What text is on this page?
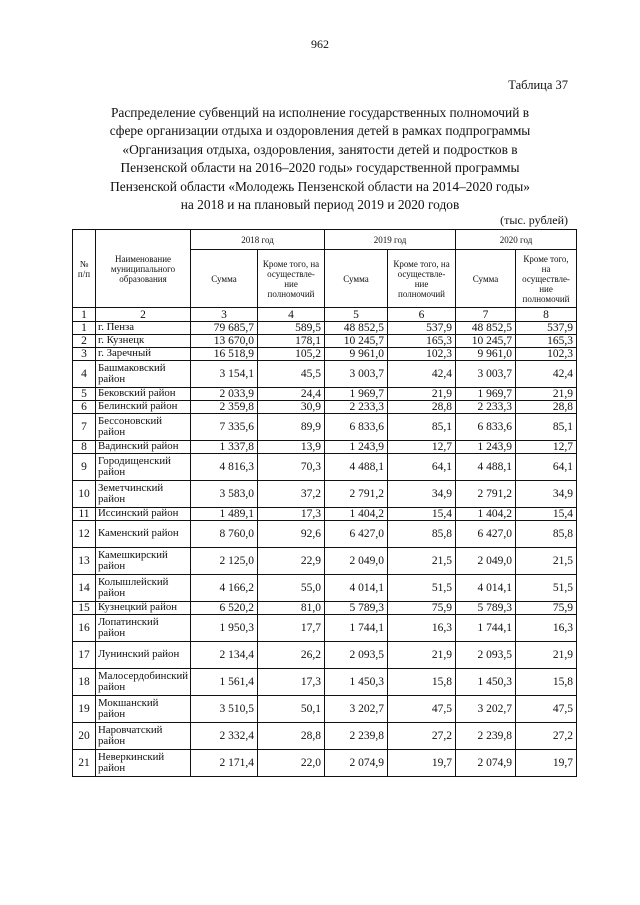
962
Таблица 37
Распределение субвенций на исполнение государственных полномочий в
сфере организации отдыха и оздоровления детей в рамках подпрограммы
«Организация отдыха, оздоровления, занятости детей и подростков в
Пензенской области на 2016–2020 годы» государственной программы
Пензенской области «Молодежь Пензенской области на 2014–2020 годы»
на 2018 и на плановый период 2019 и 2020 годов
(тыс. рублей)
№ п/п	Наименование муниципального образования	2018 год		2019 год		2020 год	
		Сумма	Кроме того, на осуществле-ние полномочий	Сумма	Кроме того, на осуществле-ние полномочий	Сумма	Кроме того, на осуществле-ние полномочий
1	2	3	4	5	6	7	8
1	г. Пенза	79 685,7	589,5	48 852,5	537,9	48 852,5	537,9
2	г. Кузнецк	13 670,0	178,1	10 245,7	165,3	10 245,7	165,3
3	г. Заречный	16 518,9	105,2	9 961,0	102,3	9 961,0	102,3
4	Башмаковский район	3 154,1	45,5	3 003,7	42,4	3 003,7	42,4
5	Бековский район	2 033,9	24,4	1 969,7	21,9	1 969,7	21,9
6	Белинский район	2 359,8	30,9	2 233,3	28,8	2 233,3	28,8
7	Бессоновский район	7 335,6	89,9	6 833,6	85,1	6 833,6	85,1
8	Вадинский район	1 337,8	13,9	1 243,9	12,7	1 243,9	12,7
9	Городищенский район	4 816,3	70,3	4 488,1	64,1	4 488,1	64,1
10	Земетчинский район	3 583,0	37,2	2 791,2	34,9	2 791,2	34,9
11	Иссинский район	1 489,1	17,3	1 404,2	15,4	1 404,2	15,4
12	Каменский район	8 760,0	92,6	6 427,0	85,8	6 427,0	85,8
13	Камешкирский район	2 125,0	22,9	2 049,0	21,5	2 049,0	21,5
14	Колышлейский район	4 166,2	55,0	4 014,1	51,5	4 014,1	51,5
15	Кузнецкий район	6 520,2	81,0	5 789,3	75,9	5 789,3	75,9
16	Лопатинский район	1 950,3	17,7	1 744,1	16,3	1 744,1	16,3
17	Лунинский район	2 134,4	26,2	2 093,5	21,9	2 093,5	21,9
18	Малосердобинский район	1 561,4	17,3	1 450,3	15,8	1 450,3	15,8
19	Мокшанский район	3 510,5	50,1	3 202,7	47,5	3 202,7	47,5
20	Наровчатский район	2 332,4	28,8	2 239,8	27,2	2 239,8	27,2
21	Неверкинский район	2 171,4	22,0	2 074,9	19,7	2 074,9	19,7
